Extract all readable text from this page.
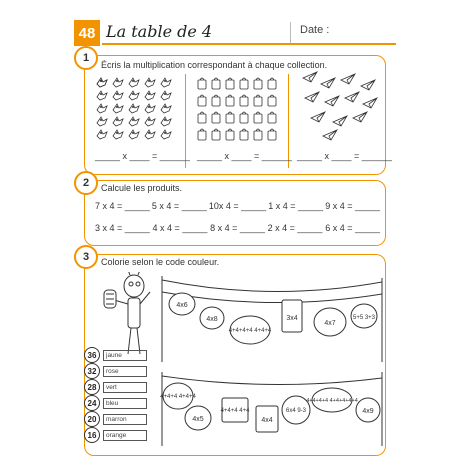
48 La table de 4	Date :
1
Écris la multiplication correspondant à chaque collection.
_____ x ____ = ______ _____ x ____ = ______ _____ x ____ = ______
2	Calcule les produits.
7 x 4 = _____ 5 x 4 = _____ 10x 4 = _____ 1 x 4 = _____ 9 x 4 = _____
3 x 4 = _____ 4 x 4 = _____ 8 x 4 = _____ 2 x 4 = _____ 6 x 4 = _____
3	Colorie selon le code couleur.
36	jaune
32	rose
28	vert
24	bleu
20	marron
16	orange
4x6
4x8
4+4+4+4 4+4+4
3x4
4x7
5+5 3+3
4+4+4 4+4+4
4x5
4+4+4 4+4
4x4
6x4 9-3
4+4+4+4 4+4+4+4+4
4x9
